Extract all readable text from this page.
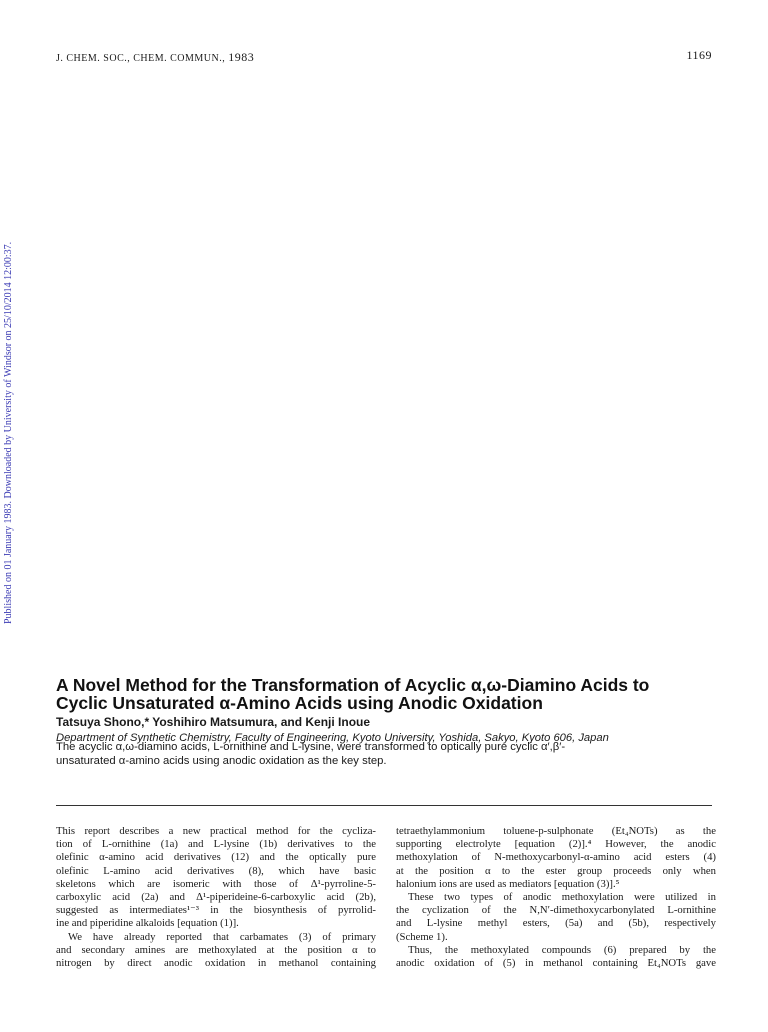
J. CHEM. SOC., CHEM. COMMUN., 1983	1169
Published on 01 January 1983. Downloaded by University of Windsor on 25/10/2014 12:00:37.
A Novel Method for the Transformation of Acyclic α,ω-Diamino Acids to
Cyclic Unsaturated α-Amino Acids using Anodic Oxidation

Tatsuya Shono,* Yoshihiro Matsumura, and Kenji Inoue

Department of Synthetic Chemistry, Faculty of Engineering, Kyoto University, Yoshida, Sakyo, Kyoto 606, Japan

The acyclic α,ω-diamino acids, L-ornithine and L-lysine, were transformed to optically pure cyclic α′,β′-
unsaturated α-amino acids using anodic oxidation as the key step.

This report describes a new practical method for the cycliza-
tion of L-ornithine (1a) and L-lysine (1b) derivatives to the
olefinic α-amino acid derivatives (12) and the optically pure
olefinic L-amino acid derivatives (8), which have basic
skeletons which are isomeric with those of Δ¹-pyrroline-5-
carboxylic acid (2a) and Δ¹-piperideine-6-carboxylic acid (2b),
suggested as intermediates¹⁻³ in the biosynthesis of pyrrolid-
ine and piperidine alkaloids [equation (1)].

We have already reported that carbamates (3) of primary
and secondary amines are methoxylated at the position α to
nitrogen by direct anodic oxidation in methanol containing

tetraethylammonium toluene-p-sulphonate (Et₄NOTs) as the
supporting electrolyte [equation (2)].⁴ However, the anodic
methoxylation of N-methoxycarbonyl-α-amino acid esters (4)
at the position α to the ester group proceeds only when
halonium ions are used as mediators [equation (3)].⁵

These two types of anodic methoxylation were utilized in
the cyclization of the N,N′-dimethoxycarbonylated L-ornithine
and L-lysine methyl esters, (5a) and (5b), respectively
(Scheme 1).

Thus, the methoxylated compounds (6) prepared by the
anodic oxidation of (5) in methanol containing Et₄NOTs gave
